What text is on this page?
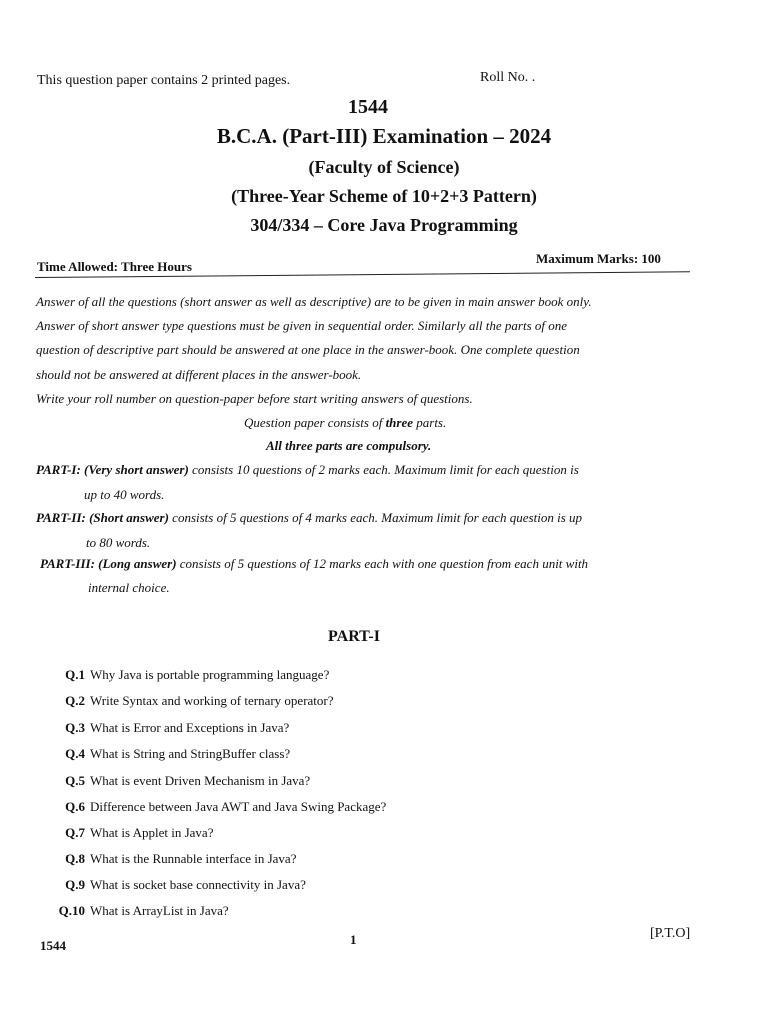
This question paper contains 2 printed pages.	Roll No. .
1544
B.C.A. (Part-III) Examination – 2024
(Faculty of Science)
(Three-Year Scheme of 10+2+3 Pattern)
304/334 – Core Java Programming
Time Allowed: Three Hours
Maximum Marks: 100
Answer of all the questions (short answer as well as descriptive) are to be given in main answer book only.
Answer of short answer type questions must be given in sequential order. Similarly all the parts of one
question of descriptive part should be answered at one place in the answer-book. One complete question
should not be answered at different places in the answer-book.
Write your roll number on question-paper before start writing answers of questions.
Question paper consists of three parts.
All three parts are compulsory.
PART-I: (Very short answer) consists 10 questions of 2 marks each. Maximum limit for each question is
up to 40 words.
PART-II: (Short answer) consists of 5 questions of 4 marks each. Maximum limit for each question is up
to 80 words.
PART-III: (Long answer) consists of 5 questions of 12 marks each with one question from each unit with
internal choice.
PART-I
Q.1 Why Java is portable programming language?
Q.2 Write Syntax and working of ternary operator?
Q.3 What is Error and Exceptions in Java?
Q.4 What is String and StringBuffer class?
Q.5 What is event Driven Mechanism in Java?
Q.6 Difference between Java AWT and Java Swing Package?
Q.7 What is Applet in Java?
Q.8 What is the Runnable interface in Java?
Q.9 What is socket base connectivity in Java?
Q.10 What is ArrayList in Java?
1544	1	[P.T.O]
